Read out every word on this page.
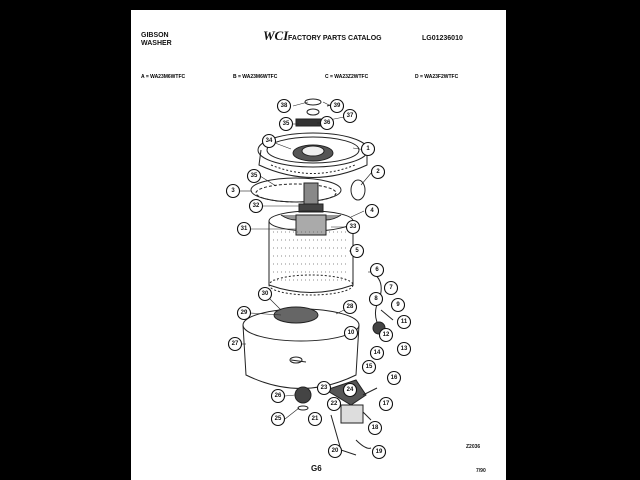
GIBSON
WASHER
WCI FACTORY PARTS CATALOG	LG01236010
A = WA23M6WTFC	B = WA23M6WTFC	C = WA23Z2WTFC	D = WA23F2WTFC
1
2
3
4
5
6
7
8
9
10
11
12
13
14
15
16
17
18
19
20
21
22
23	24
25
26
27
28
29
30
31
32
33
34
35
36
37
38	39
35
Z2036
G6	7/90
